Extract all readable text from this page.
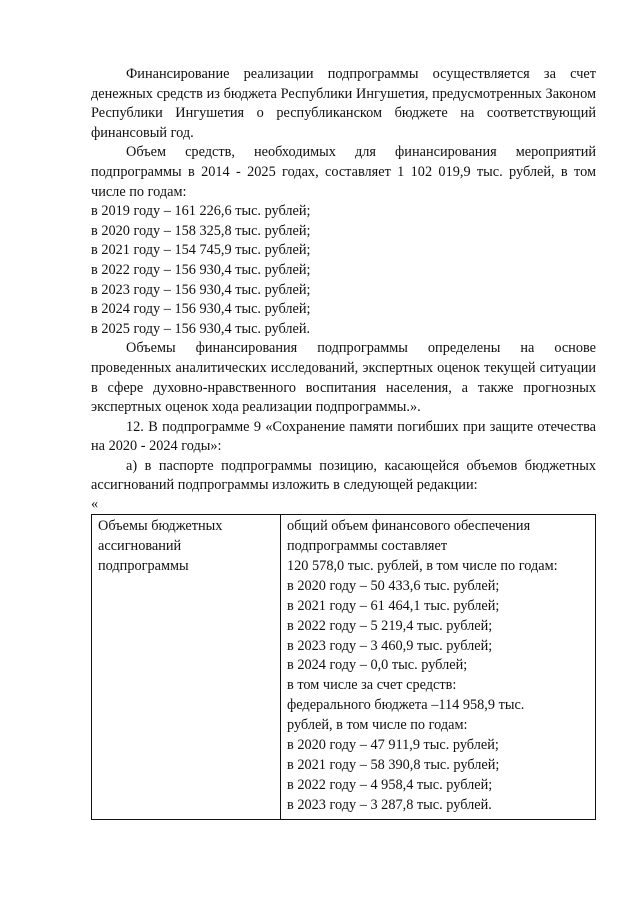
Финансирование реализации подпрограммы осуществляется за счет денежных средств из бюджета Республики Ингушетия, предусмотренных Законом Республики Ингушетия о республиканском бюджете на соответствующий финансовый год.

Объем средств, необходимых для финансирования мероприятий подпрограммы в 2014 - 2025 годах, составляет 1 102 019,9 тыс. рублей, в том числе по годам:

в 2019 году – 161 226,6 тыс. рублей;

в 2020 году – 158 325,8 тыс. рублей;

в 2021 году – 154 745,9 тыс. рублей;

в 2022 году – 156 930,4 тыс. рублей;

в 2023 году – 156 930,4 тыс. рублей;

в 2024 году – 156 930,4 тыс. рублей;

в 2025 году – 156 930,4 тыс. рублей.

Объемы финансирования подпрограммы определены на основе проведенных аналитических исследований, экспертных оценок текущей ситуации в сфере духовно-нравственного воспитания населения, а также прогнозных экспертных оценок хода реализации подпрограммы.».

12. В подпрограмме 9 «Сохранение памяти погибших при защите отечества на 2020 - 2024 годы»:

а) в паспорте подпрограммы позицию, касающейся объемов бюджетных ассигнований подпрограммы изложить в следующей редакции:

«

Объемы бюджетных
ассигнований
подпрограммы

общий объем финансового обеспечения
подпрограммы составляет
120 578,0 тыс. рублей, в том числе по годам:
в 2020 году – 50 433,6 тыс. рублей;
в 2021 году – 61 464,1 тыс. рублей;
в 2022 году – 5 219,4 тыс. рублей;
в 2023 году – 3 460,9 тыс. рублей;
в 2024 году – 0,0 тыс. рублей;
в том числе за счет средств:
федерального бюджета –114 958,9 тыс.
рублей, в том числе по годам:
в 2020 году – 47 911,9 тыс. рублей;
в 2021 году – 58 390,8 тыс. рублей;
в 2022 году – 4 958,4 тыс. рублей;
в 2023 году – 3 287,8 тыс. рублей.
